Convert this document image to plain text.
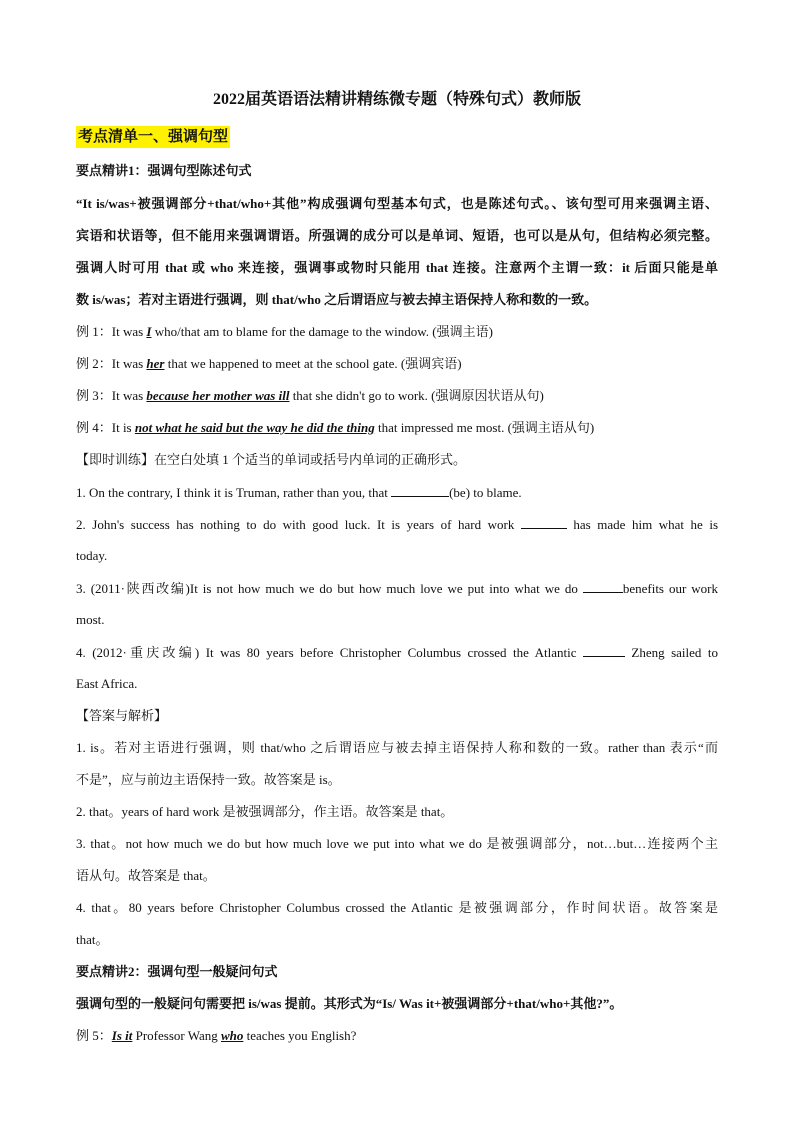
2022届英语语法精讲精练微专题（特殊句式）教师版
考点清单一、强调句型
要点精讲1：强调句型陈述句式
“It is/was+被强调部分+that/who+其他”构成强调句型基本句式，也是陈述句式。、该句型可用来强调主语、
宾语和状语等，但不能用来强调谓语。所强调的成分可以是单词、短语，也可以是从句，但结构必须完整。
强调人时可用 that 或 who 来连接，强调事或物时只能用 that 连接。注意两个主谓一致：it 后面只能是单
数 is/was；若对主语进行强调，则 that/who 之后谓语应与被去掉主语保持人称和数的一致。
例 1：It was I who/that am to blame for the damage to the window. (强调主语)
例 2：It was her that we happened to meet at the school gate. (强调宾语)
例 3：It was because her mother was ill that she didn't go to work. (强调原因状语从句)
例 4：It is not what he said but the way he did the thing that impressed me most. (强调主语从句)
【即时训练】在空白处填 1 个适当的单词或括号内单词的正确形式。
1. On the contrary, I think it is Truman, rather than you, that	(be) to blame.
2. John's success has nothing to do with good luck. It is years of hard work	has made him what he is
today.
3. (2011·陕西改编)It is not how much we do but how much love we put into what we do	benefits our work
most.
4. (2012·重庆改编) It was 80 years before Christopher Columbus crossed the Atlantic	Zheng sailed to
East Africa.
【答案与解析】
1. is。若对主语进行强调，则 that/who 之后谓语应与被去掉主语保持人称和数的一致。rather than 表示“而
不是”，应与前边主语保持一致。故答案是 is。
2. that。years of hard work 是被强调部分，作主语。故答案是 that。
3. that。not how much we do but how much love we put into what we do 是被强调部分，not…but…连接两个主
语从句。故答案是 that。
4. that。80 years before Christopher Columbus crossed the Atlantic 是被强调部分，作时间状语。故答案是
that。
要点精讲2：强调句型一般疑问句式
强调句型的一般疑问句需要把 is/was 提前。其形式为“Is/ Was it+被强调部分+that/who+其他?”。
例 5：Is it Professor Wang who teaches you English?
